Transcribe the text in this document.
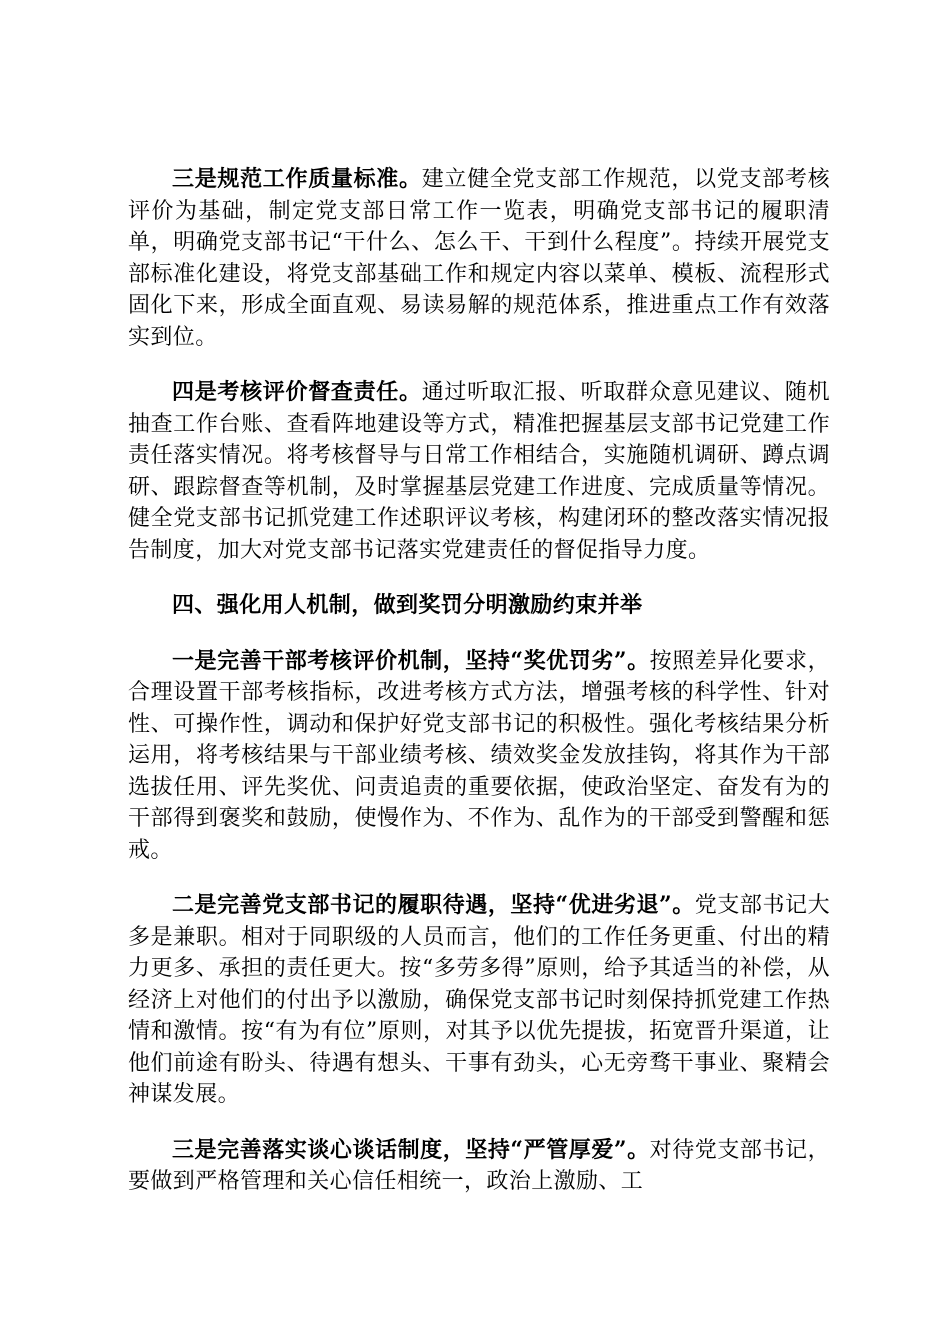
三是规范工作质量标准。建立健全党支部工作规范，以党支部考核评价为基础，制定党支部日常工作一览表，明确党支部书记的履职清单，明确党支部书记“干什么、怎么干、干到什么程度”。持续开展党支部标准化建设，将党支部基础工作和规定内容以菜单、模板、流程形式固化下来，形成全面直观、易读易解的规范体系，推进重点工作有效落实到位。

四是考核评价督查责任。通过听取汇报、听取群众意见建议、随机抽查工作台账、查看阵地建设等方式，精准把握基层支部书记党建工作责任落实情况。将考核督导与日常工作相结合，实施随机调研、蹲点调研、跟踪督查等机制，及时掌握基层党建工作进度、完成质量等情况。健全党支部书记抓党建工作述职评议考核，构建闭环的整改落实情况报告制度，加大对党支部书记落实党建责任的督促指导力度。

四、强化用人机制，做到奖罚分明激励约束并举

一是完善干部考核评价机制，坚持“奖优罚劣”。按照差异化要求，合理设置干部考核指标，改进考核方式方法，增强考核的科学性、针对性、可操作性，调动和保护好党支部书记的积极性。强化考核结果分析运用，将考核结果与干部业绩考核、绩效奖金发放挂钩，将其作为干部选拔任用、评先奖优、问责追责的重要依据，使政治坚定、奋发有为的干部得到褒奖和鼓励，使慢作为、不作为、乱作为的干部受到警醒和惩戒。

二是完善党支部书记的履职待遇，坚持“优进劣退”。党支部书记大多是兼职。相对于同职级的人员而言，他们的工作任务更重、付出的精力更多、承担的责任更大。按“多劳多得”原则，给予其适当的补偿，从经济上对他们的付出予以激励，确保党支部书记时刻保持抓党建工作热情和激情。按“有为有位”原则，对其予以优先提拔，拓宽晋升渠道，让他们前途有盼头、待遇有想头、干事有劲头，心无旁骛干事业、聚精会神谋发展。

三是完善落实谈心谈话制度，坚持“严管厚爱”。对待党支部书记，要做到严格管理和关心信任相统一，政治上激励、工
